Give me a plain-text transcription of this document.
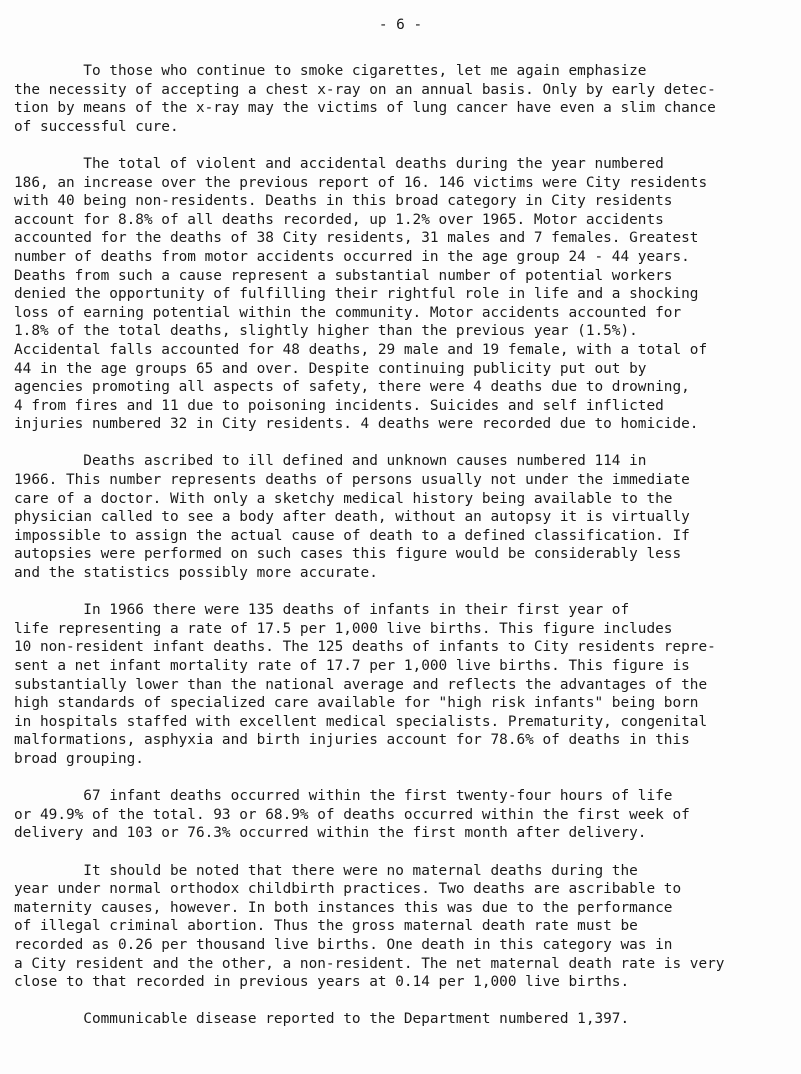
- 6 -
To those who continue to smoke cigarettes, let me again emphasize
the necessity of accepting a chest x-ray on an annual basis. Only by early detec-
tion by means of the x-ray may the victims of lung cancer have even a slim chance
of successful cure.
The total of violent and accidental deaths during the year numbered
186, an increase over the previous report of 16. 146 victims were City residents
with 40 being non-residents. Deaths in this broad category in City residents
account for 8.8% of all deaths recorded, up 1.2% over 1965. Motor accidents
accounted for the deaths of 38 City residents, 31 males and 7 females. Greatest
number of deaths from motor accidents occurred in the age group 24 - 44 years.
Deaths from such a cause represent a substantial number of potential workers
denied the opportunity of fulfilling their rightful role in life and a shocking
loss of earning potential within the community. Motor accidents accounted for
1.8% of the total deaths, slightly higher than the previous year (1.5%).
Accidental falls accounted for 48 deaths, 29 male and 19 female, with a total of
44 in the age groups 65 and over. Despite continuing publicity put out by
agencies promoting all aspects of safety, there were 4 deaths due to drowning,
4 from fires and 11 due to poisoning incidents. Suicides and self inflicted
injuries numbered 32 in City residents. 4 deaths were recorded due to homicide.
Deaths ascribed to ill defined and unknown causes numbered 114 in
1966. This number represents deaths of persons usually not under the immediate
care of a doctor. With only a sketchy medical history being available to the
physician called to see a body after death, without an autopsy it is virtually
impossible to assign the actual cause of death to a defined classification. If
autopsies were performed on such cases this figure would be considerably less
and the statistics possibly more accurate.
In 1966 there were 135 deaths of infants in their first year of
life representing a rate of 17.5 per 1,000 live births. This figure includes
10 non-resident infant deaths. The 125 deaths of infants to City residents repre-
sent a net infant mortality rate of 17.7 per 1,000 live births. This figure is
substantially lower than the national average and reflects the advantages of the
high standards of specialized care available for "high risk infants" being born
in hospitals staffed with excellent medical specialists. Prematurity, congenital
malformations, asphyxia and birth injuries account for 78.6% of deaths in this
broad grouping.
67 infant deaths occurred within the first twenty-four hours of life
or 49.9% of the total. 93 or 68.9% of deaths occurred within the first week of
delivery and 103 or 76.3% occurred within the first month after delivery.
It should be noted that there were no maternal deaths during the
year under normal orthodox childbirth practices. Two deaths are ascribable to
maternity causes, however. In both instances this was due to the performance
of illegal criminal abortion. Thus the gross maternal death rate must be
recorded as 0.26 per thousand live births. One death in this category was in
a City resident and the other, a non-resident. The net maternal death rate is very
close to that recorded in previous years at 0.14 per 1,000 live births.
Communicable disease reported to the Department numbered 1,397.
